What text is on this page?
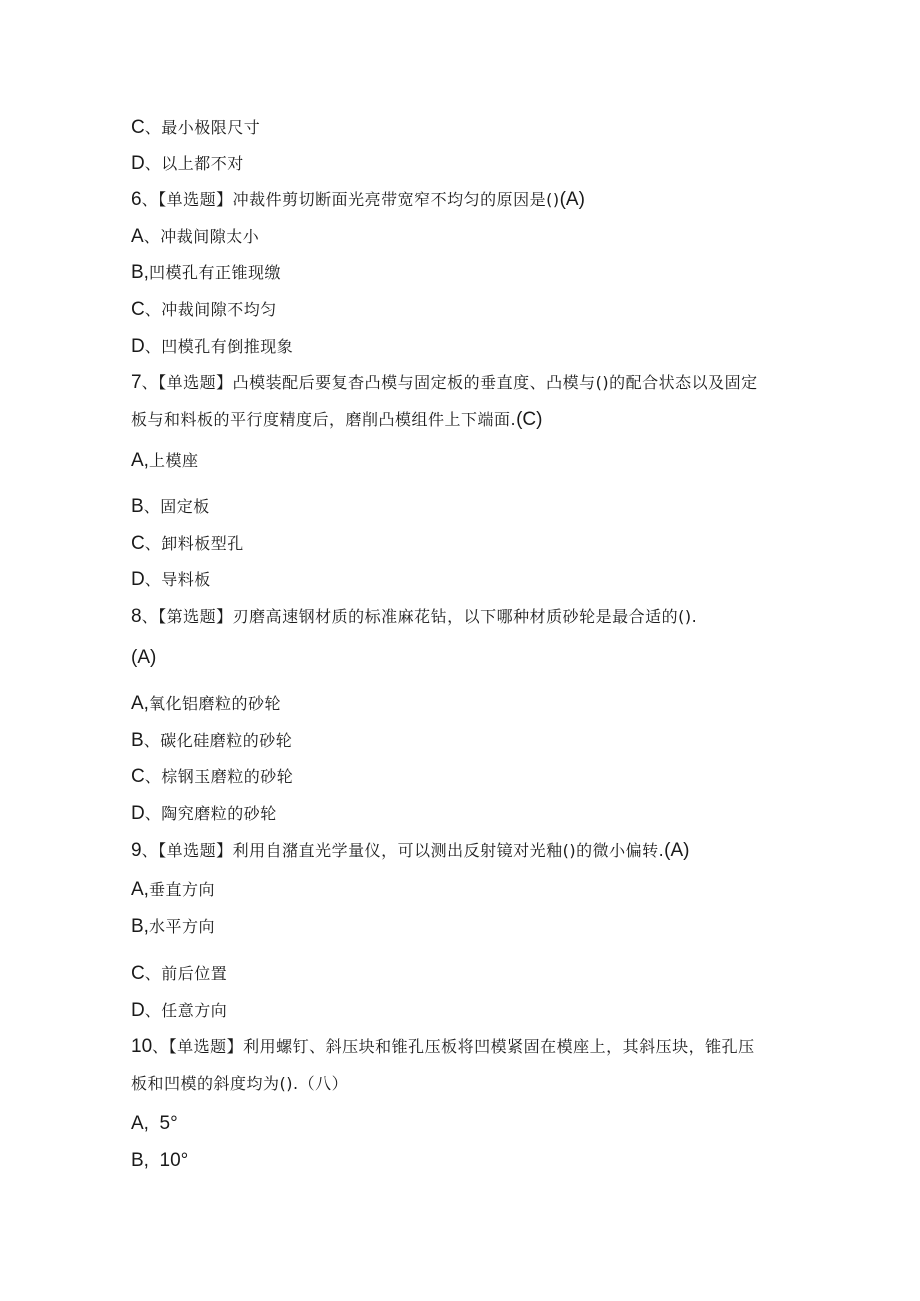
C、最小极限尺寸
D、以上都不对
6、【单选题】冲裁件剪切断面光亮带宽窄不均匀的原因是()(A)
A、冲裁间隙太小
B,凹模孔有正锥现缴
C、冲裁间隙不均匀
D、凹模孔有倒推现象
7、【单选题】凸模装配后要复杳凸模与固定板的垂直度、凸模与()的配合状态以及固定
板与和料板的平行度精度后，磨削凸模组件上下端面.(C)
A,上模座
B、固定板
C、卸料板型孔
D、导料板
8、【第选题】刃磨高速钢材质的标准麻花钻，以下哪种材质砂轮是最合适的().
(A)
A,氧化铝磨粒的砂轮
B、碳化硅磨粒的砂轮
C、棕钢玉磨粒的砂轮
D、陶究磨粒的砂轮
9、【单选题】利用自潴直光学量仪，可以测出反射镜对光釉()的微小偏转.(A)
A,垂直方向
B,水平方向
C、前后位置
D、任意方向
10、【单选题】利用螺钉、斜压块和锥孔压板将凹模紧固在模座上，其斜压块，锥孔压
板和凹模的斜度均为().（八）
A,  5°
B,  10°
